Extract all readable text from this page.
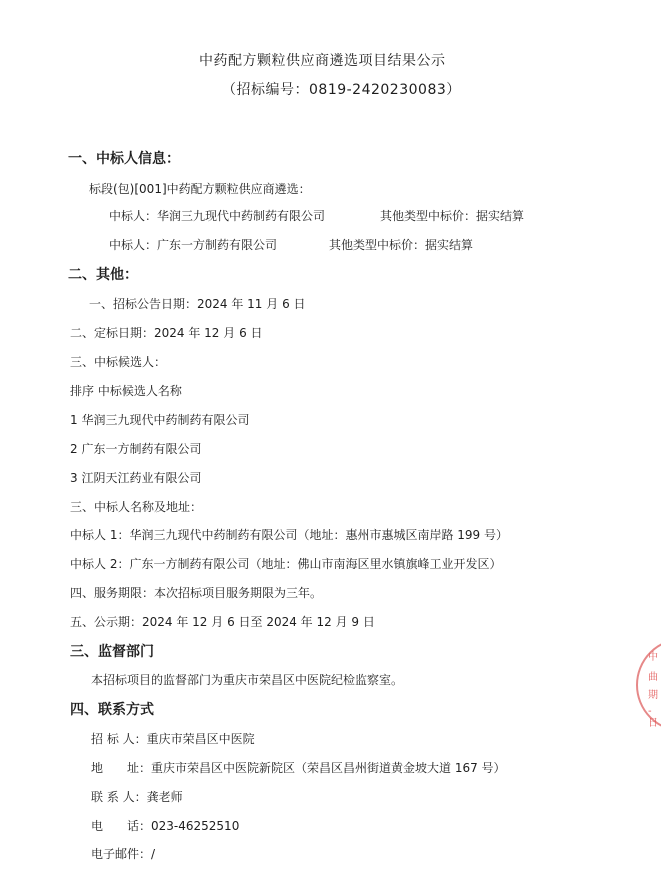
中药配方颗粒供应商遴选项目结果公示
（招标编号：0819-2420230083）
一、中标人信息：
标段(包)[001]中药配方颗粒供应商遴选：
中标人：华润三九现代中药制药有限公司	其他类型中标价：据实结算
中标人：广东一方制药有限公司	其他类型中标价：据实结算
二、其他：
一、招标公告日期：2024 年 11 月 6 日
二、定标日期：2024 年 12 月 6 日
三、中标候选人：
排序 中标候选人名称
1 华润三九现代中药制药有限公司
2 广东一方制药有限公司
3 江阴天江药业有限公司
三、中标人名称及地址：
中标人 1：华润三九现代中药制药有限公司（地址：惠州市惠城区南岸路 199 号）
中标人 2：广东一方制药有限公司（地址：佛山市南海区里水镇旗峰工业开发区）
四、服务期限：本次招标项目服务期限为三年。
五、公示期：2024 年 12 月 6 日至 2024 年 12 月 9 日
三、监督部门
本招标项目的监督部门为重庆市荣昌区中医院纪检监察室。
四、联系方式
招 标 人：重庆市荣昌区中医院
地　　址：重庆市荣昌区中医院新院区（荣昌区昌州街道黄金坡大道 167 号）
联 系 人：龚老师
电　　话：023-46252510
电子邮件：/
中
曲
期
-日
